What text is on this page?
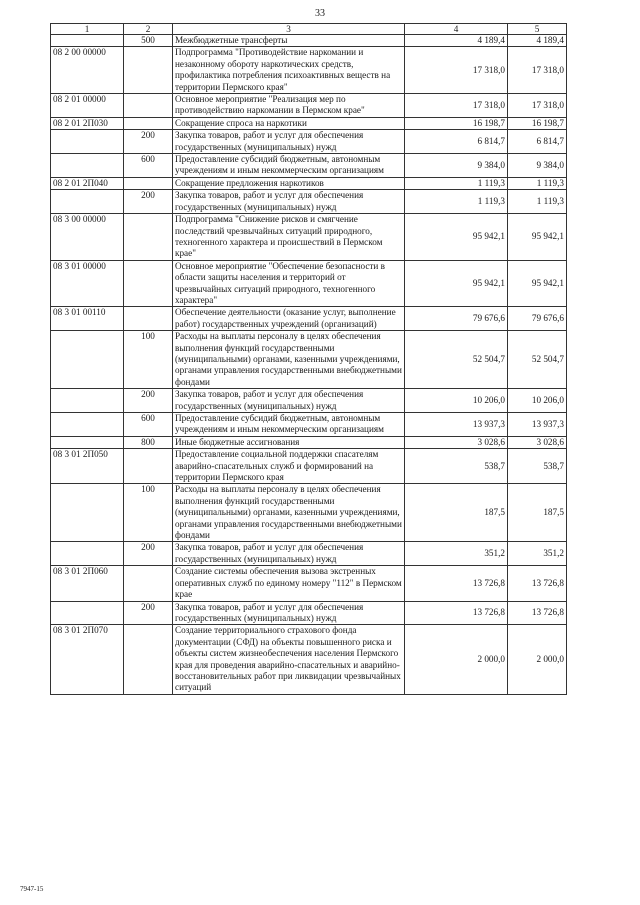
33
1	2	3	4	5
	500	Межбюджетные трансферты	4 189,4	4 189,4
08 2 00 00000		Подпрограмма "Противодействие наркомании и незаконному обороту наркотических средств, профилактика потребления психоактивных веществ на территории Пермского края"	17 318,0	17 318,0
08 2 01 00000		Основное мероприятие "Реализация мер по противодействию наркомании в Пермском крае"	17 318,0	17 318,0
08 2 01 2П030		Сокращение спроса на наркотики	16 198,7	16 198,7
	200	Закупка товаров, работ и услуг для обеспечения государственных (муниципальных) нужд	6 814,7	6 814,7
	600	Предоставление субсидий бюджетным, автономным учреждениям и иным некоммерческим организациям	9 384,0	9 384,0
08 2 01 2П040		Сокращение предложения наркотиков	1 119,3	1 119,3
	200	Закупка товаров, работ и услуг для обеспечения государственных (муниципальных) нужд	1 119,3	1 119,3
08 3 00 00000		Подпрограмма "Снижение рисков и смягчение последствий чрезвычайных ситуаций природного, техногенного характера и происшествий в Пермском крае"	95 942,1	95 942,1
08 3 01 00000		Основное мероприятие "Обеспечение безопасности в области защиты населения и территорий от чрезвычайных ситуаций природного, техногенного характера"	95 942,1	95 942,1
08 3 01 00110		Обеспечение деятельности (оказание услуг, выполнение работ) государственных учреждений (организаций)	79 676,6	79 676,6
	100	Расходы на выплаты персоналу в целях обеспечения выполнения функций государственными (муниципальными) органами, казенными учреждениями, органами управления государственными внебюджетными фондами	52 504,7	52 504,7
	200	Закупка товаров, работ и услуг для обеспечения государственных (муниципальных) нужд	10 206,0	10 206,0
	600	Предоставление субсидий бюджетным, автономным учреждениям и иным некоммерческим организациям	13 937,3	13 937,3
	800	Иные бюджетные ассигнования	3 028,6	3 028,6
08 3 01 2П050		Предоставление социальной поддержки спасателям аварийно-спасательных служб и формирований на территории Пермского края	538,7	538,7
	100	Расходы на выплаты персоналу в целях обеспечения выполнения функций государственными (муниципальными) органами, казенными учреждениями, органами управления государственными внебюджетными фондами	187,5	187,5
	200	Закупка товаров, работ и услуг для обеспечения государственных (муниципальных) нужд	351,2	351,2
08 3 01 2П060		Создание системы обеспечения вызова экстренных оперативных служб по единому номеру "112" в Пермском крае	13 726,8	13 726,8
	200	Закупка товаров, работ и услуг для обеспечения государственных (муниципальных) нужд	13 726,8	13 726,8
08 3 01 2П070		Создание территориального страхового фонда документации (СФД) на объекты повышенного риска и объекты систем жизнеобеспечения населения Пермского края для проведения аварийно-спасательных и аварийно-восстановительных работ при ликвидации чрезвычайных ситуаций	2 000,0	2 000,0
7947-15
